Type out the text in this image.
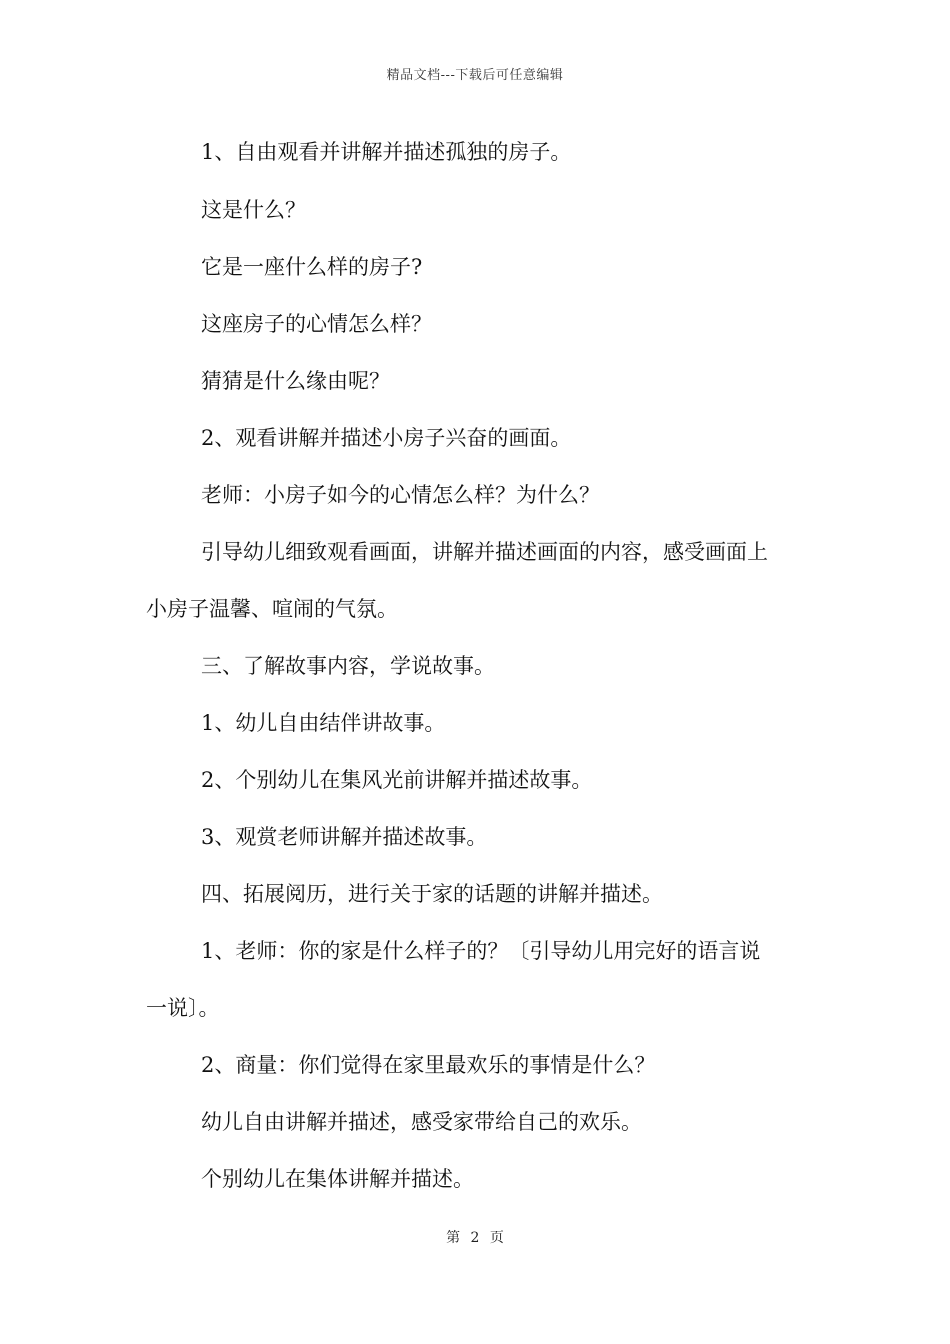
精品文档---下载后可任意编辑
1、自由观看并讲解并描述孤独的房子。
这是什么？
它是一座什么样的房子?
这座房子的心情怎么样？
猜猜是什么缘由呢？
2、观看讲解并描述小房子兴奋的画面。
老师：小房子如今的心情怎么样？为什么？
引导幼儿细致观看画面，讲解并描述画面的内容，感受画面上
小房子温馨、喧闹的气氛。
三、了解故事内容，学说故事。
1、幼儿自由结伴讲故事。
2、个别幼儿在集风光前讲解并描述故事。
3、观赏老师讲解并描述故事。
四、拓展阅历，进行关于家的话题的讲解并描述。
1、老师：你的家是什么样子的？〔引导幼儿用完好的语言说
一说〕。
2、商量：你们觉得在家里最欢乐的事情是什么？
幼儿自由讲解并描述，感受家带给自己的欢乐。
个别幼儿在集体讲解并描述。
第 2 页
